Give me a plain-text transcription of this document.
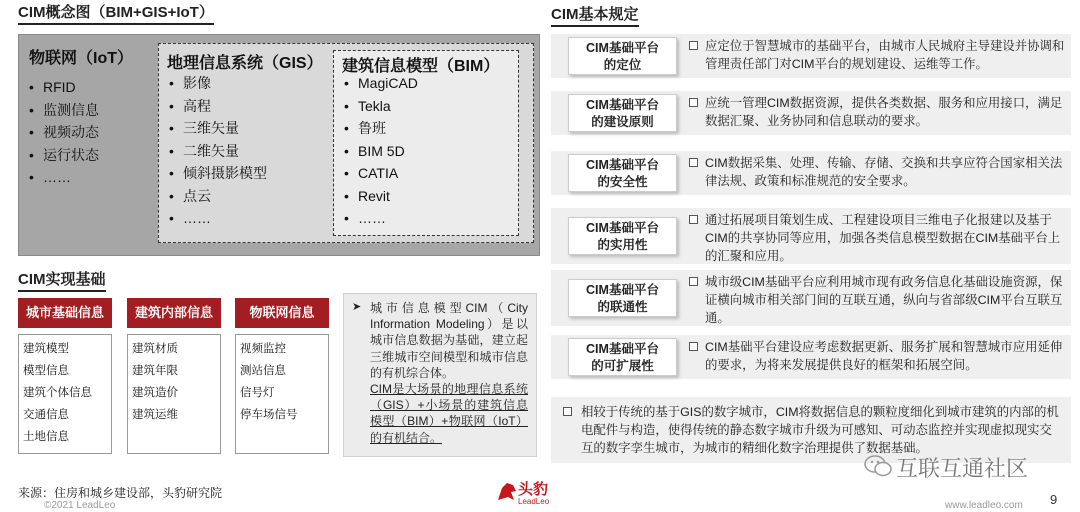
CIM概念图（BIM+GIS+IoT）	CIM基本规定
CIM实现基础
物联网（IoT）
• RFID
• 监测信息
• 视频动态
• 运行状态
• ……
地理信息系统（GIS）
• 影像
• 高程
• 三维矢量
• 二维矢量
• 倾斜摄影模型
• 点云
• ……
建筑信息模型（BIM）
• MagiCAD
• Tekla
• 鲁班
• BIM 5D
• CATIA
• Revit
• ……
城市基础信息	建筑内部信息	物联网信息
建筑模型
模型信息
建筑个体信息
交通信息
土地信息
建筑材质
建筑年限
建筑造价
建筑运维
视频监控
测站信息
信号灯
停车场信号
➤ 城市信息模型CIM（City Information Modeling）是以城市信息数据为基础，建立起三维城市空间模型和城市信息的有机综合体。
CIM是大场景的地理信息系统（GIS）+小场景的建筑信息模型（BIM）+物联网（IoT）的有机结合。
CIM基础平台
的定位
应定位于智慧城市的基础平台，由城市人民城府主导建设并协调和管理责任部门对CIM平台的规划建设、运维等工作。
CIM基础平台
的建设原则
应统一管理CIM数据资源，提供各类数据、服务和应用接口，满足数据汇聚、业务协同和信息联动的要求。
CIM基础平台
的安全性
CIM数据采集、处理、传输、存储、交换和共享应符合国家相关法律法规、政策和标准规范的安全要求。
CIM基础平台
的实用性
通过拓展项目策划生成、工程建设项目三维电子化报建以及基于CIM的共享协同等应用，加强各类信息模型数据在CIM基础平台上的汇聚和应用。
CIM基础平台
的联通性
城市级CIM基础平台应利用城市现有政务信息化基础设施资源，保证横向城市相关部门间的互联互通，纵向与省部级CIM平台互联互通。
CIM基础平台
的可扩展性
CIM基础平台建设应考虑数据更新、服务扩展和智慧城市应用延伸的要求，为将来发展提供良好的框架和拓展空间。
相较于传统的基于GIS的数字城市，CIM将数据信息的颗粒度细化到城市建筑的内部的机电配件与构造，使得传统的静态数字城市升级为可感知、可动态监控并实现虚拟现实交互的数字孪生城市，为城市的精细化数字治理提供了数据基础。
来源：住房和城乡建设部，头豹研究院
©2021 LeadLeo
头豹
LeadLeo
互联互通社区
www.leadleo.com 9
